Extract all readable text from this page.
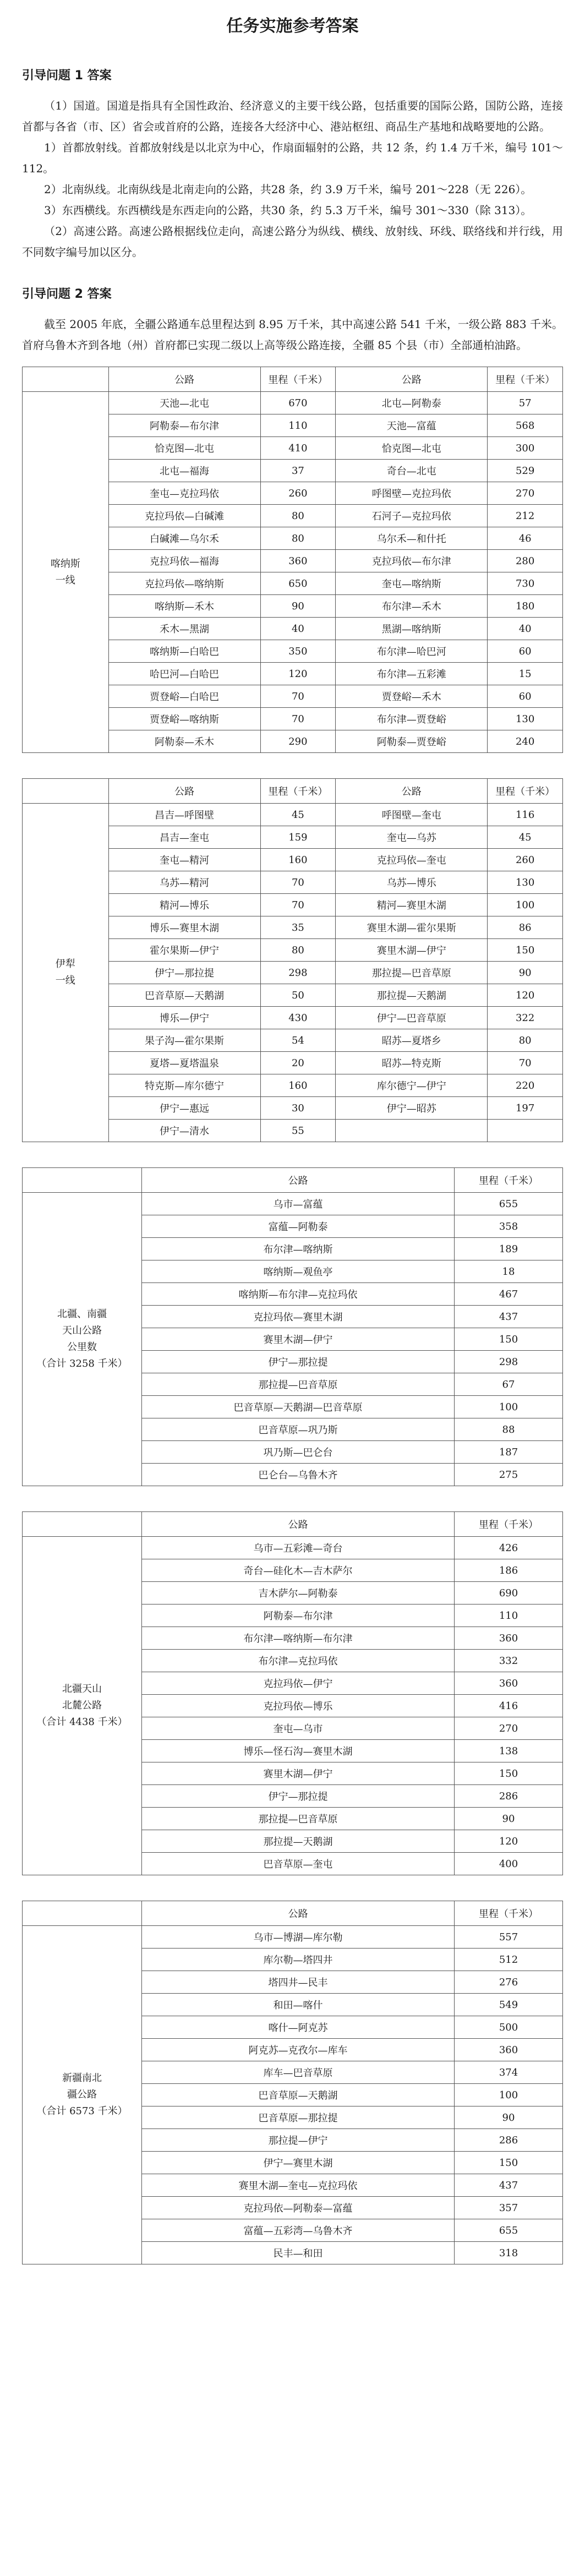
任务实施参考答案
引导问题 1 答案

（1）国道。国道是指具有全国性政治、经济意义的主要干线公路，包括重要的国际公路，国防公路，连接首都与各省（市、区）省会或首府的公路，连接各大经济中心、港站枢纽、商品生产基地和战略要地的公路。

1）首都放射线。首都放射线是以北京为中心，作扇面辐射的公路，共 12 条，约 1.4 万千米，编号 101～112。

2）北南纵线。北南纵线是北南走向的公路，共28 条，约 3.9 万千米，编号 201～228（无 226）。

3）东西横线。东西横线是东西走向的公路，共30 条，约 5.3 万千米，编号 301～330（除 313）。

（2）高速公路。高速公路根据线位走向，高速公路分为纵线、横线、放射线、环线、联络线和并行线，用不同数字编号加以区分。

引导问题 2 答案

截至 2005 年底，全疆公路通车总里程达到 8.95 万千米，其中高速公路 541 千米，一级公路 883 千米。首府乌鲁木齐到各地（州）首府都已实现二级以上高等级公路连接，全疆 85 个县（市）全部通柏油路。

	公路	里程（千米）	公路	里程（千米）
喀纳斯
一线	天池—北屯	670	北屯—阿勒泰	57
	阿勒泰—布尔津	110	天池—富蕴	568
	恰克图—北屯	410	恰克图—北屯	300
	北屯—福海	37	奇台—北屯	529
	奎屯—克拉玛依	260	呼图壁—克拉玛依	270
	克拉玛依—白碱滩	80	石河子—克拉玛依	212
	白碱滩—乌尔禾	80	乌尔禾—和什托	46
	克拉玛依—福海	360	克拉玛依—布尔津	280
	克拉玛依—喀纳斯	650	奎屯—喀纳斯	730
	喀纳斯—禾木	90	布尔津—禾木	180
	禾木—黑湖	40	黑湖—喀纳斯	40
	喀纳斯—白哈巴	350	布尔津—哈巴河	60
	哈巴河—白哈巴	120	布尔津—五彩滩	15
	贾登峪—白哈巴	70	贾登峪—禾木	60
	贾登峪—喀纳斯	70	布尔津—贾登峪	130
	阿勒泰—禾木	290	阿勒泰—贾登峪	240
	公路	里程（千米）	公路	里程（千米）
伊犁
一线	昌吉—呼图壁	45	呼图壁—奎屯	116
	昌吉—奎屯	159	奎屯—乌苏	45
	奎屯—精河	160	克拉玛依—奎屯	260
	乌苏—精河	70	乌苏—博乐	130
	精河—博乐	70	精河—赛里木湖	100
	博乐—赛里木湖	35	赛里木湖—霍尔果斯	86
	霍尔果斯—伊宁	80	赛里木湖—伊宁	150
	伊宁—那拉提	298	那拉提—巴音草原	90
	巴音草原—天鹅湖	50	那拉提—天鹅湖	120
	博乐—伊宁	430	伊宁—巴音草原	322
	果子沟—霍尔果斯	54	昭苏—夏塔乡	80
	夏塔—夏塔温泉	20	昭苏—特克斯	70
	特克斯—库尔德宁	160	库尔德宁—伊宁	220
	伊宁—惠远	30	伊宁—昭苏	197
	伊宁—清水	55		
	公路	里程（千米）
北疆、南疆
天山公路
公里数
（合计 3258 千米）	乌市—富蕴	655
	富蕴—阿勒泰	358
	布尔津—喀纳斯	189
	喀纳斯—观鱼亭	18
	喀纳斯—布尔津—克拉玛依	467
	克拉玛依—赛里木湖	437
	赛里木湖—伊宁	150
	伊宁—那拉提	298
	那拉提—巴音草原	67
	巴音草原—天鹅湖—巴音草原	100
	巴音草原—巩乃斯	88
	巩乃斯—巴仑台	187
	巴仑台—乌鲁木齐	275
	公路	里程（千米）
北疆天山
北麓公路
（合计 4438 千米）	乌市—五彩滩—奇台	426
	奇台—硅化木—吉木萨尔	186
	吉木萨尔—阿勒泰	690
	阿勒泰—布尔津	110
	布尔津—喀纳斯—布尔津	360
	布尔津—克拉玛依	332
	克拉玛依—伊宁	360
	克拉玛依—博乐	416
	奎屯—乌市	270
	博乐—怪石沟—赛里木湖	138
	赛里木湖—伊宁	150
	伊宁—那拉提	286
	那拉提—巴音草原	90
	那拉提—天鹅湖	120
	巴音草原—奎屯	400
	公路	里程（千米）
新疆南北
疆公路
（合计 6573 千米）	乌市—博湖—库尔勒	557
	库尔勒—塔四井	512
	塔四井—民丰	276
	和田—喀什	549
	喀什—阿克苏	500
	阿克苏—克孜尔—库车	360
	库车—巴音草原	374
	巴音草原—天鹅湖	100
	巴音草原—那拉提	90
	那拉提—伊宁	286
	伊宁—赛里木湖	150
	赛里木湖—奎屯—克拉玛依	437
	克拉玛依—阿勒泰—富蕴	357
	富蕴—五彩湾—乌鲁木齐	655
	民丰—和田	318
